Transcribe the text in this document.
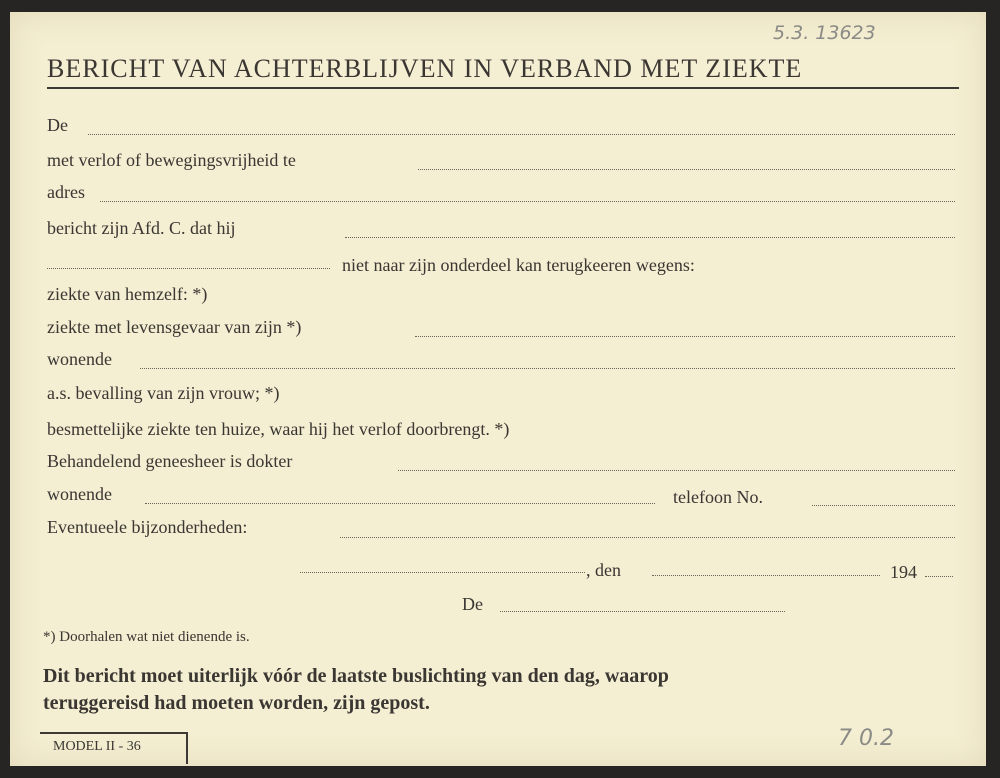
5.3. 13623
BERICHT VAN ACHTERBLIJVEN IN VERBAND MET ZIEKTE
De
met verlof of bewegingsvrijheid te
adres
bericht zijn Afd. C. dat hij
niet naar zijn onderdeel kan terugkeeren wegens:
ziekte van hemzelf: *)
ziekte met levensgevaar van zijn *)
wonende
a.s. bevalling van zijn vrouw; *)
besmettelijke ziekte ten huize, waar hij het verlof doorbrengt. *)
Behandelend geneesheer is dokter
wonende	telefoon No.
Eventueele bijzonderheden:
, den	194
De
*) Doorhalen wat niet dienende is.
Dit bericht moet uiterlijk vóór de laatste buslichting van den dag, waarop
teruggereisd had moeten worden, zijn gepost.
MODEL II - 36	7 0.2
